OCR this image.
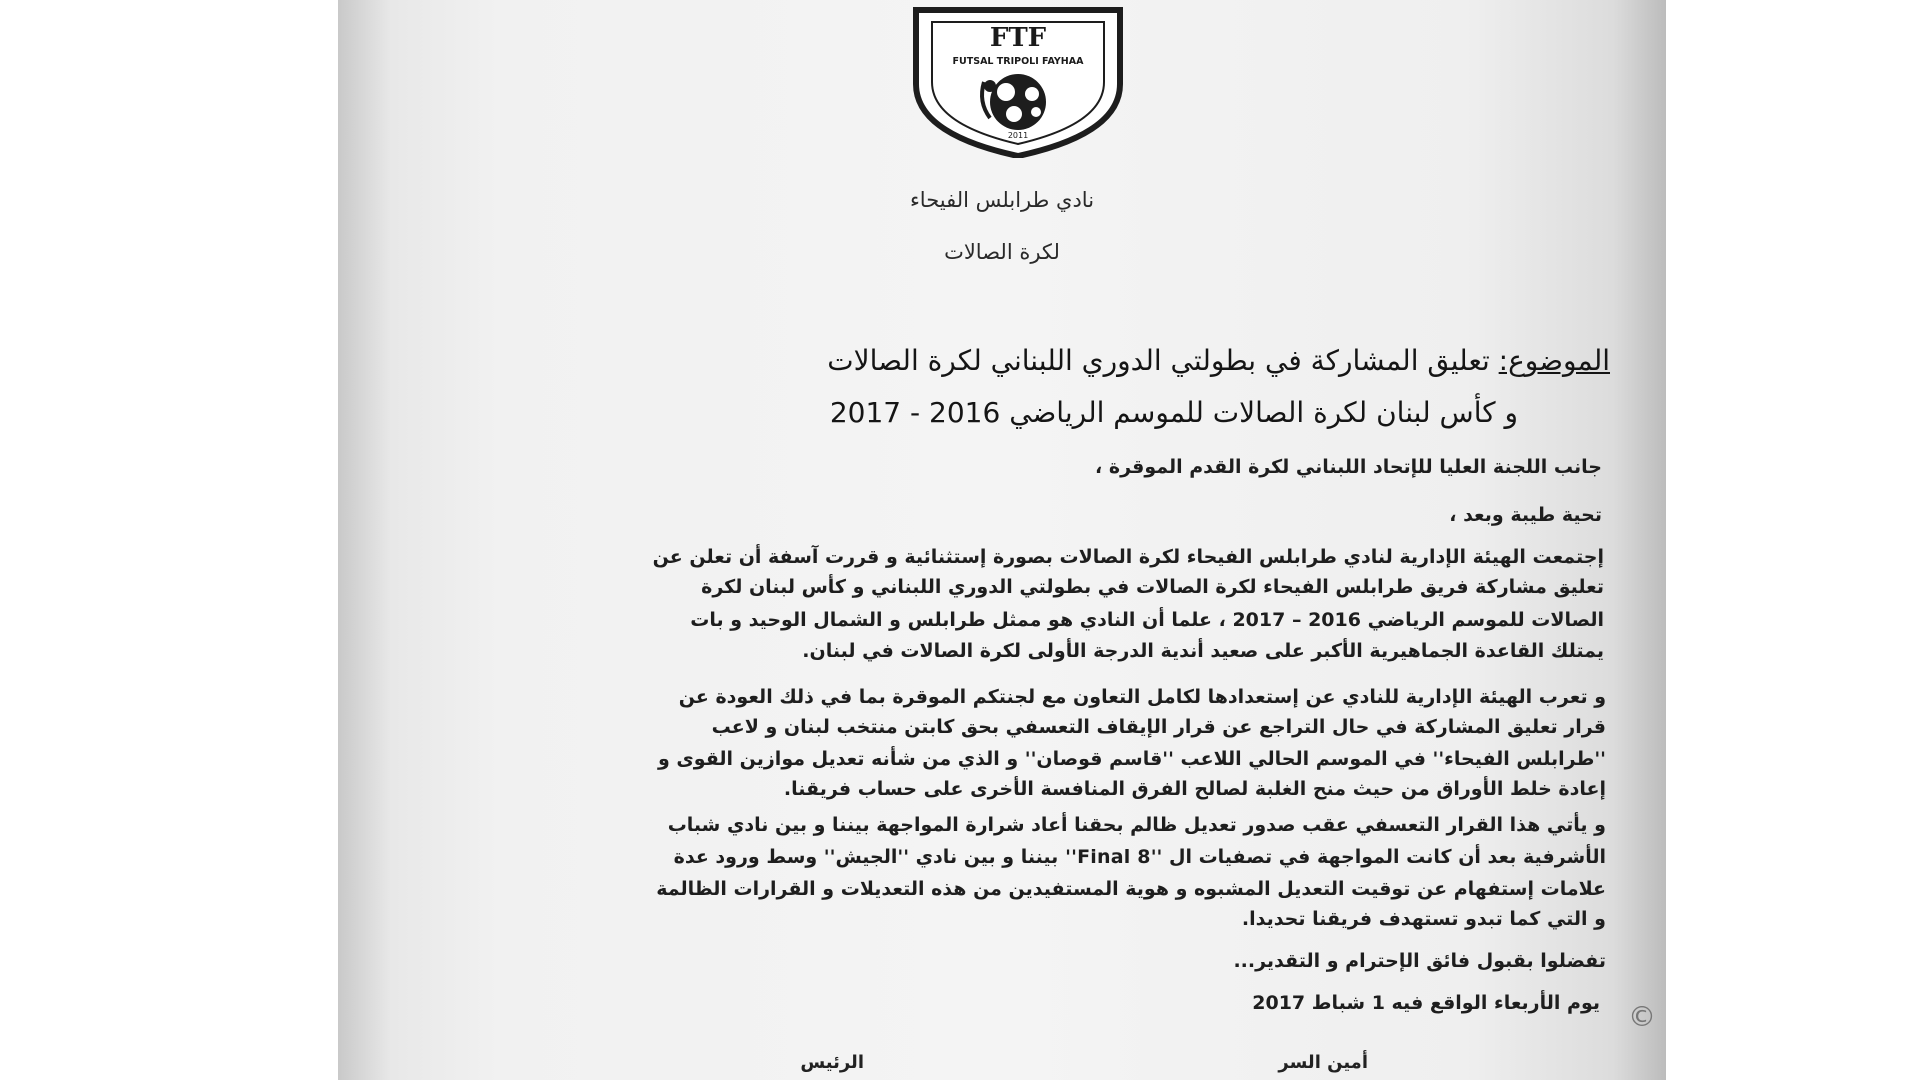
FTF
FUTSAL TRIPOLI FAYHAA
2011
نادي طرابلس الفيحاء
لكرة الصالات
الموضوع: تعليق المشاركة في بطولتي الدوري اللبناني لكرة الصالات
و كأس لبنان لكرة الصالات للموسم الرياضي 2016 - 2017
جانب اللجنة العليا للإتحاد اللبناني لكرة القدم الموقرة ،
تحية طيبة وبعد ،
إجتمعت الهيئة الإدارية لنادي طرابلس الفيحاء لكرة الصالات بصورة إستثنائية و قررت آسفة أن تعلن عن
تعليق مشاركة فريق طرابلس الفيحاء لكرة الصالات في بطولتي الدوري اللبناني و كأس لبنان لكرة
الصالات للموسم الرياضي 2016 – 2017 ، علما أن النادي هو ممثل طرابلس و الشمال الوحيد و بات
يمتلك القاعدة الجماهيرية الأكبر على صعيد أندية الدرجة الأولى لكرة الصالات في لبنان.
و تعرب الهيئة الإدارية للنادي عن إستعدادها لكامل التعاون مع لجنتكم الموقرة بما في ذلك العودة عن
قرار تعليق المشاركة في حال التراجع عن قرار الإيقاف التعسفي بحق كابتن منتخب لبنان و لاعب
''طرابلس الفيحاء'' في الموسم الحالي اللاعب ''قاسم قوصان'' و الذي من شأنه تعديل موازين القوى و
إعادة خلط الأوراق من حيث منح الغلبة لصالح الفرق المنافسة الأخرى على حساب فريقنا.
و يأتي هذا القرار التعسفي عقب صدور تعديل ظالم بحقنا أعاد شرارة المواجهة بيننا و بين نادي شباب
الأشرفية بعد أن كانت المواجهة في تصفيات ال ''Final 8'' بيننا و بين نادي ''الجيش'' وسط ورود عدة
علامات إستفهام عن توقيت التعديل المشبوه و هوية المستفيدين من هذه التعديلات و القرارات الظالمة
و التي كما تبدو تستهدف فريقنا تحديدا.
تفضلوا بقبول فائق الإحترام و التقدير...
يوم الأربعاء الواقع فيه 1 شباط 2017
أمين السر
الرئيس
©
